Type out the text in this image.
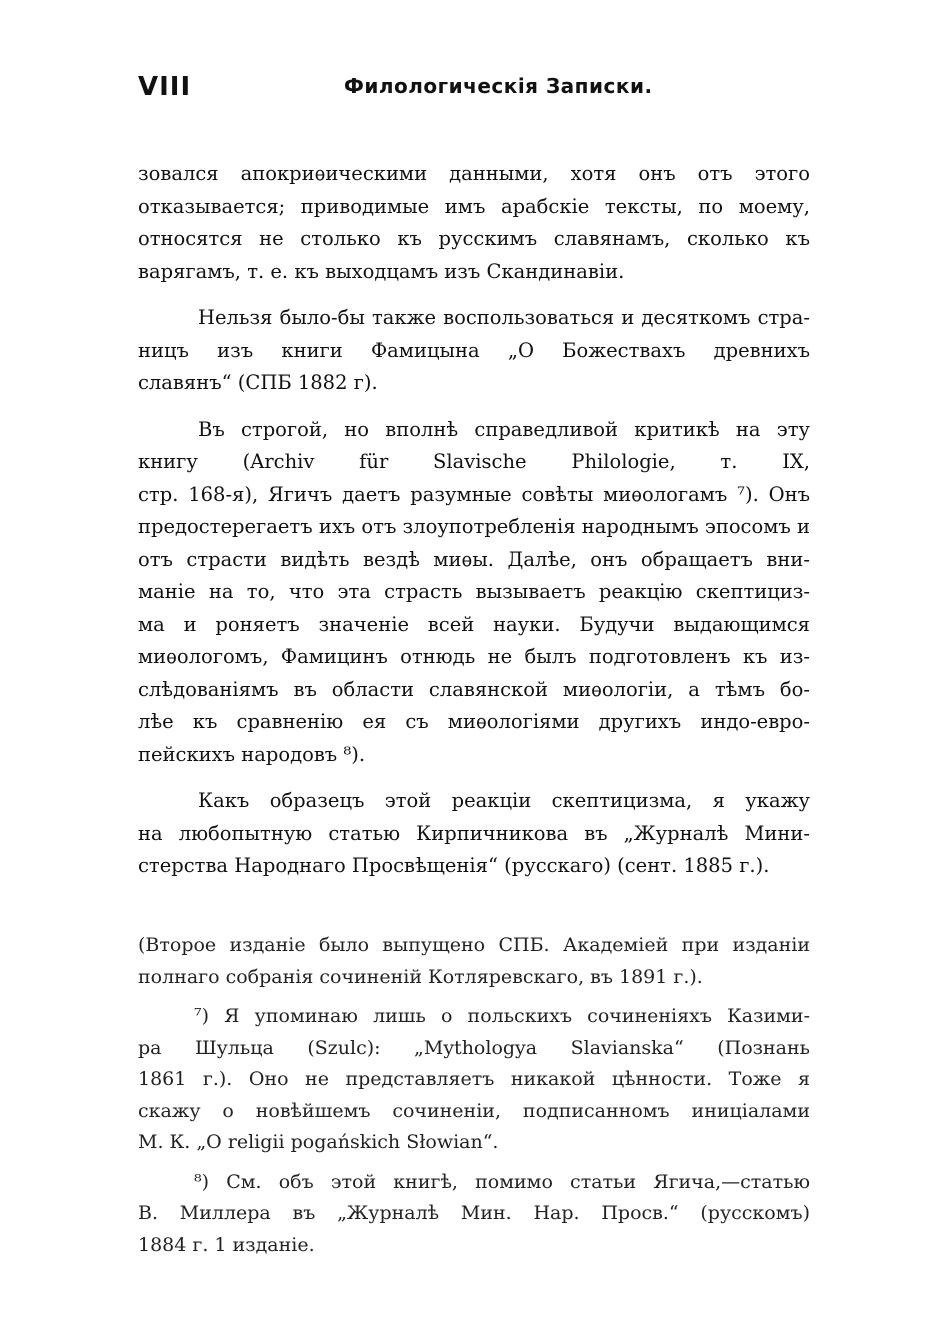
VIII	Филологическія Записки.

зовался апокриѳическими данными, хотя онъ отъ этого
отказывается; приводимые имъ арабскіе тексты, по моему,
относятся не столько къ русскимъ славянамъ, сколько къ
варягамъ, т. е. къ выходцамъ изъ Скандинавіи.

Нельзя было-бы также воспользоваться и десяткомъ стра-
ницъ изъ книги Фамицына „О Божествахъ древнихъ
славянъ“ (СПБ 1882 г).

Въ строгой, но вполнѣ справедливой критикѣ на эту
книгу (Archiv für Slavische Philologie, т. IX,
стр. 168-я), Ягичъ даетъ разумные совѣты миѳологамъ ⁷). Онъ
предостерегаетъ ихъ отъ злоупотребленія народнымъ эпосомъ и
отъ страсти видѣть вездѣ миѳы. Далѣе, онъ обращаетъ вни-
маніе на то, что эта страсть вызываетъ реакцію скептициз-
ма и роняетъ значеніе всей науки. Будучи выдающимся
миѳологомъ, Фамицинъ отнюдь не былъ подготовленъ къ из-
слѣдованіямъ въ области славянской миѳологіи, а тѣмъ бо-
лѣе къ сравненію ея съ миѳологіями другихъ индо-евро-
пейскихъ народовъ ⁸).

Какъ образецъ этой реакціи скептицизма, я укажу
на любопытную статью Кирпичникова въ „Журналѣ Мини-
стерства Народнаго Просвѣщенія“ (русскаго) (сент. 1885 г.).

(Второе изданіе было выпущено СПБ. Академіей при изданіи
полнаго собранія сочиненій Котляревскаго, въ 1891 г.).
⁷) Я упоминаю лишь о польскихъ сочиненіяхъ Казими-
ра Шульца (Szulc): „Mythologya Slavianska“ (Познань
1861 г.). Оно не представляетъ никакой цѣнности. Тоже я
скажу о новѣйшемъ сочиненіи, подписанномъ иниціалами
М. К. „O religii pogańskich Słowian“.
⁸) См. объ этой книгѣ, помимо статьи Ягича,—статью
В. Миллера въ „Журналѣ Мин. Нар. Просв.“ (русскомъ)
1884 г. 1 изданіе.
